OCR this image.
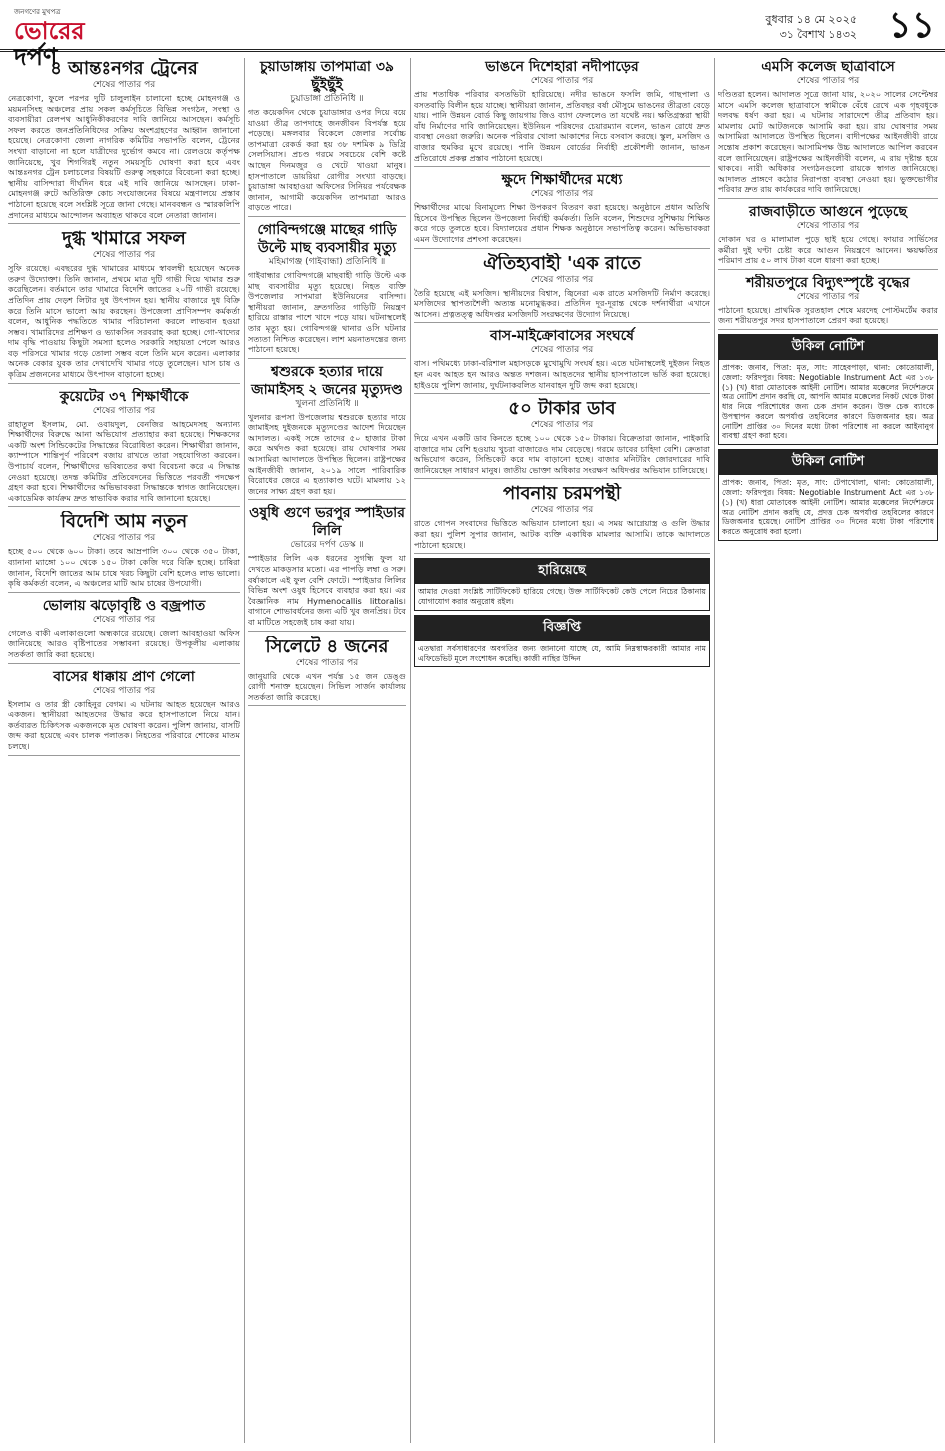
জনগণের মুখপত্র
ভোরের দর্পণ
বুধবার ১৪ মে ২০২৫
৩১ বৈশাখ ১৪৩২ ১১
৪ আন্তঃনগর ট্রেনের
শেষের পাতার পর

নেত্রকোণা, ফুলে পরপর দুটি চালুলাইন চালানো হচ্ছে মোহনগঞ্জ ও ময়মনসিংহ অঞ্চলের প্রায় সকল কর্মসূচিতে বিভিন্ন সংগঠন, সংস্থা ও ব্যবসায়ীরা রেলপথ আধুনিকীকরণের দাবি জানিয়ে আসছেন। কর্মসূচি সফল করতে জনপ্রতিনিধিদের সক্রিয় অংশগ্রহণের আহ্বান জানানো হয়েছে। নেত্রকোণা জেলা নাগরিক কমিটির সভাপতি বলেন, ট্রেনের সংখ্যা বাড়ানো না হলে যাত্রীদের দুর্ভোগ কমবে না। রেলওয়ে কর্তৃপক্ষ জানিয়েছে, খুব শিগগিরই নতুন সময়সূচি ঘোষণা করা হবে এবং আন্তঃনগর ট্রেন চলাচলের বিষয়টি গুরুত্ব সহকারে বিবেচনা করা হচ্ছে। স্থানীয় বাসিন্দারা দীর্ঘদিন ধরে এই দাবি জানিয়ে আসছেন। ঢাকা-মোহনগঞ্জ রুটে অতিরিক্ত কোচ সংযোজনের বিষয়ে মন্ত্রণালয়ে প্রস্তাব পাঠানো হয়েছে বলে সংশ্লিষ্ট সূত্রে জানা গেছে। মানববন্ধন ও স্মারকলিপি প্রদানের মাধ্যমে আন্দোলন অব্যাহত থাকবে বলে নেতারা জানান।

দুগ্ধ খামারে সফল
শেষের পাতার পর

সুফি রয়েছে। এবছরের দুগ্ধ খামারের মাধ্যমে স্বাবলম্বী হয়েছেন অনেক তরুণ উদ্যোক্তা। তিনি জানান, প্রথমে মাত্র দুটি গাভী দিয়ে খামার শুরু করেছিলেন। বর্তমানে তার খামারে বিদেশি জাতের ২০টি গাভী রয়েছে। প্রতিদিন প্রায় দেড়শ লিটার দুধ উৎপাদন হয়। স্থানীয় বাজারে দুধ বিক্রি করে তিনি মাসে ভালো আয় করছেন। উপজেলা প্রাণিসম্পদ কর্মকর্তা বলেন, আধুনিক পদ্ধতিতে খামার পরিচালনা করলে লাভবান হওয়া সম্ভব। খামারিদের প্রশিক্ষণ ও ভ্যাকসিন সরবরাহ করা হচ্ছে। গো-খাদ্যের দাম বৃদ্ধি পাওয়ায় কিছুটা সমস্যা হলেও সরকারি সহায়তা পেলে আরও বড় পরিসরে খামার গড়ে তোলা সম্ভব বলে তিনি মনে করেন। এলাকার অনেক বেকার যুবক তার দেখাদেখি খামার গড়ে তুলেছেন। ঘাস চাষ ও কৃত্রিম প্রজননের মাধ্যমে উৎপাদন বাড়ানো হচ্ছে।

কুয়েটের ৩৭ শিক্ষার্থীকে
শেষের পাতার পর

রাহাতুল ইসলাম, মো. ওবায়দুল, বেনজির আহমেদসহ অন্যান্য শিক্ষার্থীদের বিরুদ্ধে আনা অভিযোগ প্রত্যাহার করা হয়েছে। শিক্ষকদের একটি অংশ সিন্ডিকেটের সিদ্ধান্তের বিরোধিতা করেন। শিক্ষার্থীরা জানান, ক্যাম্পাসে শান্তিপূর্ণ পরিবেশ বজায় রাখতে তারা সহযোগিতা করবেন। উপাচার্য বলেন, শিক্ষার্থীদের ভবিষ্যতের কথা বিবেচনা করে এ সিদ্ধান্ত নেওয়া হয়েছে। তদন্ত কমিটির প্রতিবেদনের ভিত্তিতে পরবর্তী পদক্ষেপ গ্রহণ করা হবে। শিক্ষার্থীদের অভিভাবকরা সিদ্ধান্তকে স্বাগত জানিয়েছেন। একাডেমিক কার্যক্রম দ্রুত স্বাভাবিক করার দাবি জানানো হয়েছে।

বিদেশি আম নতুন
শেষের পাতার পর

হচ্ছে ৫০০ থেকে ৬০০ টাকা। তবে আম্রপালি ৩০০ থেকে ৩৫০ টাকা, ব্যানানা ম্যাঙ্গো ১০০ থেকে ১৫০ টাকা কেজি দরে বিক্রি হচ্ছে। চাষিরা জানান, বিদেশি জাতের আম চাষে খরচ কিছুটা বেশি হলেও লাভ ভালো। কৃষি কর্মকর্তা বলেন, এ অঞ্চলের মাটি আম চাষের উপযোগী।

ভোলায় ঝড়োবৃষ্টি ও বজ্রপাত
শেষের পাতার পর

গেলেও বাকী এলাকাগুলো অন্ধকারে রয়েছে। জেলা আবহাওয়া অফিস জানিয়েছে আরও বৃষ্টিপাতের সম্ভাবনা রয়েছে। উপকূলীয় এলাকায় সতর্কতা জারি করা হয়েছে।

বাসের ধাক্কায় প্রাণ গেলো
শেষের পাতার পর

ইসলাম ও তার স্ত্রী কোহিনুর বেগম। এ ঘটনায় আহত হয়েছেন আরও একজন। স্থানীয়রা আহতদের উদ্ধার করে হাসপাতালে নিয়ে যান। কর্তব্যরত চিকিৎসক একজনকে মৃত ঘোষণা করেন। পুলিশ জানায়, বাসটি জব্দ করা হয়েছে এবং চালক পলাতক। নিহতের পরিবারে শোকের মাতম চলছে।

চুয়াডাঙ্গায় তাপমাত্রা ৩৯ ছুঁইছুঁই
চুয়াডাঙ্গা প্রতিনিধি ॥

গত কয়েকদিন থেকে চুয়াডাঙ্গার ওপর দিয়ে বয়ে যাওয়া তীব্র তাপদাহে জনজীবন বিপর্যস্ত হয়ে পড়েছে। মঙ্গলবার বিকেলে জেলার সর্বোচ্চ তাপমাত্রা রেকর্ড করা হয় ৩৮ দশমিক ৯ ডিগ্রি সেলসিয়াস। প্রচণ্ড গরমে সবচেয়ে বেশি কষ্টে আছেন দিনমজুর ও খেটে খাওয়া মানুষ। হাসপাতালে ডায়রিয়া রোগীর সংখ্যা বাড়ছে। চুয়াডাঙ্গা আবহাওয়া অফিসের সিনিয়র পর্যবেক্ষক জানান, আগামী কয়েকদিন তাপমাত্রা আরও বাড়তে পারে।

গোবিন্দগঞ্জে মাছের গাড়ি উল্টে মাছ ব্যবসায়ীর মৃত্যু
মহিমাগঞ্জ (গাইবান্ধা) প্রতিনিধি ॥

গাইবান্ধার গোবিন্দগঞ্জে মাছবাহী গাড়ি উল্টে এক মাছ ব্যবসায়ীর মৃত্যু হয়েছে। নিহত ব্যক্তি উপজেলার সাপমারা ইউনিয়নের বাসিন্দা। স্থানীয়রা জানান, দ্রুতগতির গাড়িটি নিয়ন্ত্রণ হারিয়ে রাস্তার পাশে খাদে পড়ে যায়। ঘটনাস্থলেই তার মৃত্যু হয়। গোবিন্দগঞ্জ থানার ওসি ঘটনার সত্যতা নিশ্চিত করেছেন। লাশ ময়নাতদন্তের জন্য পাঠানো হয়েছে।

শ্বশুরকে হত্যার দায়ে জামাইসহ ২ জনের মৃত্যুদণ্ড
খুলনা প্রতিনিধি ॥

খুলনার রূপসা উপজেলায় শ্বশুরকে হত্যার দায়ে জামাইসহ দুইজনকে মৃত্যুদণ্ডের আদেশ দিয়েছেন আদালত। একই সঙ্গে তাদের ৫০ হাজার টাকা করে অর্থদণ্ড করা হয়েছে। রায় ঘোষণার সময় আসামিরা আদালতে উপস্থিত ছিলেন। রাষ্ট্রপক্ষের আইনজীবী জানান, ২০১৯ সালে পারিবারিক বিরোধের জেরে এ হত্যাকাণ্ড ঘটে। মামলায় ১২ জনের সাক্ষ্য গ্রহণ করা হয়।

ওষুধি গুণে ভরপুর স্পাইডার লিলি
ভোরের দর্পণ ডেস্ক ॥

স্পাইডার লিলি এক ধরনের সুগন্ধি ফুল যা দেখতে মাকড়সার মতো। এর পাপড়ি লম্বা ও সরু। বর্ষাকালে এই ফুল বেশি ফোটে। স্পাইডার লিলির বিভিন্ন অংশ ওষুধ হিসেবে ব্যবহার করা হয়। এর বৈজ্ঞানিক নাম Hymenocallis littoralis। বাগানে শোভাবর্ধনের জন্য এটি খুব জনপ্রিয়। টবে বা মাটিতে সহজেই চাষ করা যায়।

সিলেটে ৪ জনের
শেষের পাতার পর

জানুয়ারি থেকে এখন পর্যন্ত ১৫ জন ডেঙ্গু রোগী শনাক্ত হয়েছেন। সিভিল সার্জন কার্যালয় সতর্কতা জারি করেছে।

ভাঙনে দিশেহারা নদীপাড়ের
শেষের পাতার পর

প্রায় শতাধিক পরিবার বসতভিটা হারিয়েছে। নদীর ভাঙনে ফসলি জমি, গাছপালা ও বসতবাড়ি বিলীন হয়ে যাচ্ছে। স্থানীয়রা জানান, প্রতিবছর বর্ষা মৌসুমে ভাঙনের তীব্রতা বেড়ে যায়। পানি উন্নয়ন বোর্ড কিছু জায়গায় জিও ব্যাগ ফেললেও তা যথেষ্ট নয়। ক্ষতিগ্রস্তরা স্থায়ী বাঁধ নির্মাণের দাবি জানিয়েছেন। ইউনিয়ন পরিষদের চেয়ারম্যান বলেন, ভাঙন রোধে দ্রুত ব্যবস্থা নেওয়া জরুরি। অনেক পরিবার খোলা আকাশের নিচে বসবাস করছে। স্কুল, মসজিদ ও বাজার হুমকির মুখে রয়েছে। পানি উন্নয়ন বোর্ডের নির্বাহী প্রকৌশলী জানান, ভাঙন প্রতিরোধে প্রকল্প প্রস্তাব পাঠানো হয়েছে।

ক্ষুদে শিক্ষার্থীদের মধ্যে
শেষের পাতার পর

শিক্ষার্থীদের মাঝে বিনামূল্যে শিক্ষা উপকরণ বিতরণ করা হয়েছে। অনুষ্ঠানে প্রধান অতিথি হিসেবে উপস্থিত ছিলেন উপজেলা নির্বাহী কর্মকর্তা। তিনি বলেন, শিশুদের সুশিক্ষায় শিক্ষিত করে গড়ে তুলতে হবে। বিদ্যালয়ের প্রধান শিক্ষক অনুষ্ঠানে সভাপতিত্ব করেন। অভিভাবকরা এমন উদ্যোগের প্রশংসা করেছেন।

ঐতিহ্যবাহী 'এক রাতে
শেষের পাতার পর

তৈরি হয়েছে এই মসজিদ। স্থানীয়দের বিশ্বাস, জ্বিনেরা এক রাতে মসজিদটি নির্মাণ করেছে। মসজিদের স্থাপত্যশৈলী অত্যন্ত মনোমুগ্ধকর। প্রতিদিন দূর-দূরান্ত থেকে দর্শনার্থীরা এখানে আসেন। প্রত্নতত্ত্ব অধিদপ্তর মসজিদটি সংরক্ষণের উদ্যোগ নিয়েছে।

বাস-মাইক্রোবাসের সংঘর্ষে
শেষের পাতার পর

বাস। পথিমধ্যে ঢাকা-বরিশাল মহাসড়কে মুখোমুখি সংঘর্ষ হয়। এতে ঘটনাস্থলেই দুইজন নিহত হন এবং আহত হন আরও অন্তত দশজন। আহতদের স্থানীয় হাসপাতালে ভর্তি করা হয়েছে। হাইওয়ে পুলিশ জানায়, দুর্ঘটনাকবলিত যানবাহন দুটি জব্দ করা হয়েছে।

৫০ টাকার ডাব
শেষের পাতার পর

দিয়ে এখন একটি ডাব কিনতে হচ্ছে ১০০ থেকে ১৫০ টাকায়। বিক্রেতারা জানান, পাইকারি বাজারে দাম বেশি হওয়ায় খুচরা বাজারেও দাম বেড়েছে। গরমে ডাবের চাহিদা বেশি। ক্রেতারা অভিযোগ করেন, সিন্ডিকেট করে দাম বাড়ানো হচ্ছে। বাজার মনিটরিং জোরদারের দাবি জানিয়েছেন সাধারণ মানুষ। জাতীয় ভোক্তা অধিকার সংরক্ষণ অধিদপ্তর অভিযান চালিয়েছে।

পাবনায় চরমপন্থী
শেষের পাতার পর

রাতে গোপন সংবাদের ভিত্তিতে অভিযান চালানো হয়। এ সময় আগ্নেয়াস্ত্র ও গুলি উদ্ধার করা হয়। পুলিশ সুপার জানান, আটক ব্যক্তি একাধিক মামলার আসামি। তাকে আদালতে পাঠানো হয়েছে।

হারিয়েছে

আমার দেওয়া সংশ্লিষ্ট সার্টিফিকেট হারিয়ে গেছে। উক্ত সার্টিফিকেট কেউ পেলে নিচের ঠিকানায় যোগাযোগ করার অনুরোধ রইল।

বিজ্ঞপ্তি

এতদ্বারা সর্বসাধারণের অবগতির জন্য জানানো যাচ্ছে যে, আমি নিম্নস্বাক্ষরকারী আমার নাম এফিডেভিট মূলে সংশোধন করেছি। কাজী নাছির উদ্দিন

এমসি কলেজ ছাত্রাবাসে
শেষের পাতার পর

দণ্ডিতরা হলেন। আদালত সূত্রে জানা যায়, ২০২০ সালের সেপ্টেম্বর মাসে এমসি কলেজ ছাত্রাবাসে স্বামীকে বেঁধে রেখে এক গৃহবধূকে দলবদ্ধ ধর্ষণ করা হয়। এ ঘটনায় সারাদেশে তীব্র প্রতিবাদ হয়। মামলায় মোট আটজনকে আসামি করা হয়। রায় ঘোষণার সময় আসামিরা আদালতে উপস্থিত ছিলেন। বাদীপক্ষের আইনজীবী রায়ে সন্তোষ প্রকাশ করেছেন। আসামিপক্ষ উচ্চ আদালতে আপিল করবেন বলে জানিয়েছেন। রাষ্ট্রপক্ষের আইনজীবী বলেন, এ রায় দৃষ্টান্ত হয়ে থাকবে। নারী অধিকার সংগঠনগুলো রায়কে স্বাগত জানিয়েছে। আদালত প্রাঙ্গণে কঠোর নিরাপত্তা ব্যবস্থা নেওয়া হয়। ভুক্তভোগীর পরিবার দ্রুত রায় কার্যকরের দাবি জানিয়েছে।

রাজবাড়ীতে আগুনে পুড়েছে
শেষের পাতার পর

দোকান ঘর ও মালামাল পুড়ে ছাই হয়ে গেছে। ফায়ার সার্ভিসের কর্মীরা দুই ঘণ্টা চেষ্টা করে আগুন নিয়ন্ত্রণে আনেন। ক্ষয়ক্ষতির পরিমাণ প্রায় ৫০ লাখ টাকা বলে ধারণা করা হচ্ছে।

শরীয়তপুরে বিদ্যুৎস্পৃষ্টে বৃদ্ধের
শেষের পাতার পর

পাঠানো হয়েছে। প্রাথমিক সুরতহাল শেষে মরদেহ পোস্টমর্টেম করার জন্য শরীয়তপুর সদর হাসপাতালে প্রেরণ করা হয়েছে।

উকিল নোটিশ

প্রাপক: জনাব, পিতা: মৃত, সাং: সাহেবপাড়া, থানা: কোতোয়ালী, জেলা: ফরিদপুর। বিষয়: Negotiable Instrument Act এর ১৩৮ (১) (খ) ধারা মোতাবেক আইনী নোটিশ। আমার মক্কেলের নির্দেশক্রমে অত্র নোটিশ প্রদান করছি যে, আপনি আমার মক্কেলের নিকট থেকে টাকা ধার নিয়ে পরিশোধের জন্য চেক প্রদান করেন। উক্ত চেক ব্যাংকে উপস্থাপন করলে অপর্যাপ্ত তহবিলের কারণে ডিজঅনার হয়। অত্র নোটিশ প্রাপ্তির ৩০ দিনের মধ্যে টাকা পরিশোধ না করলে আইনানুগ ব্যবস্থা গ্রহণ করা হবে।

উকিল নোটিশ

প্রাপক: জনাব, পিতা: মৃত, সাং: টেপাখোলা, থানা: কোতোয়ালী, জেলা: ফরিদপুর। বিষয়: Negotiable Instrument Act এর ১৩৮ (১) (খ) ধারা মোতাবেক আইনী নোটিশ। আমার মক্কেলের নির্দেশক্রমে অত্র নোটিশ প্রদান করছি যে, প্রদত্ত চেক অপর্যাপ্ত তহবিলের কারণে ডিজঅনার হয়েছে। নোটিশ প্রাপ্তির ৩০ দিনের মধ্যে টাকা পরিশোধ করতে অনুরোধ করা হলো।
